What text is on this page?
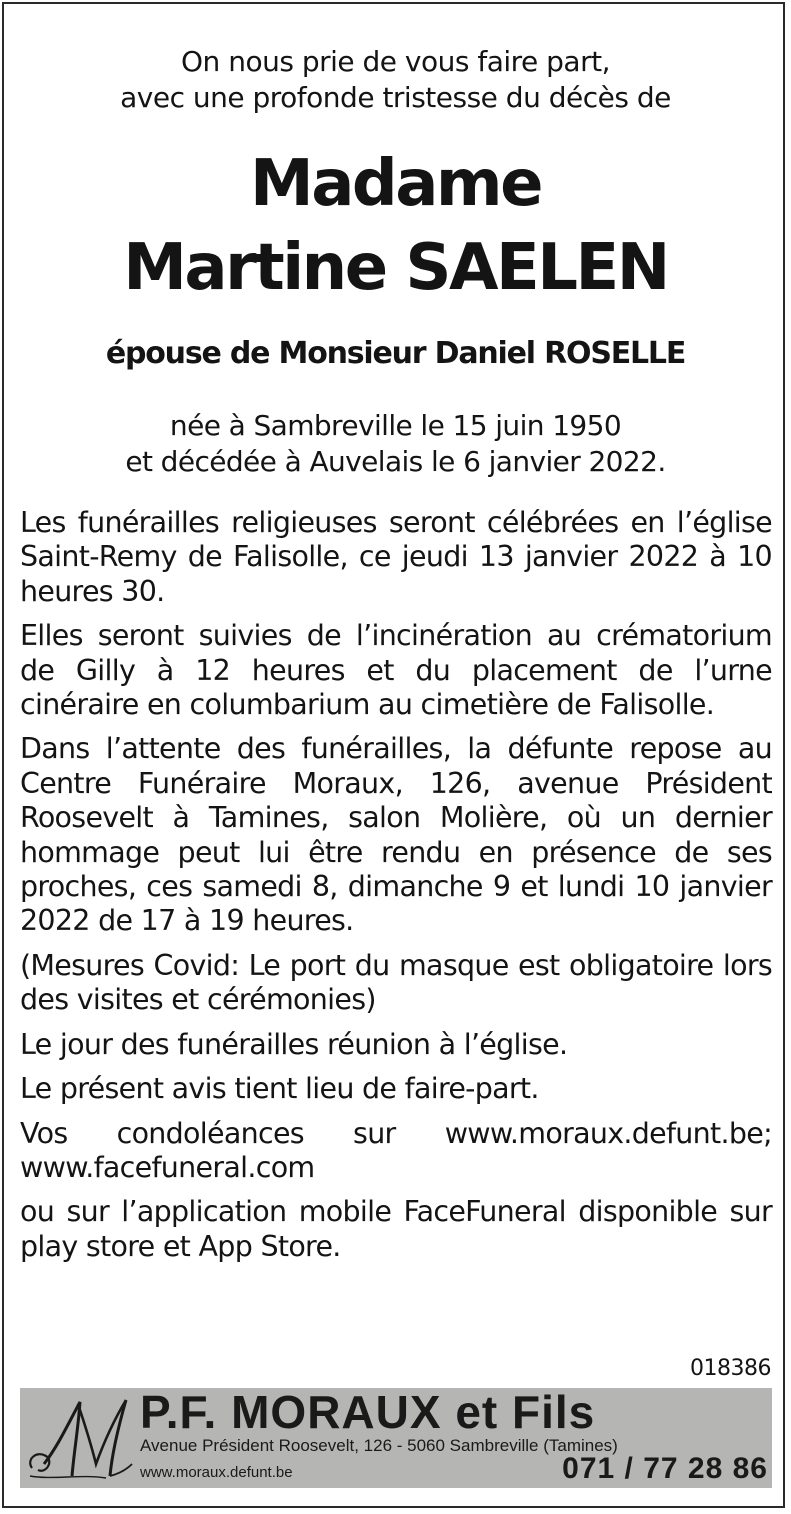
On nous prie de vous faire part,
avec une profonde tristesse du décès de
Madame
Martine SAELEN
épouse de Monsieur Daniel ROSELLE
née à Sambreville le 15 juin 1950
et décédée à Auvelais le 6 janvier 2022.

Les funérailles religieuses seront célébrées en l’église Saint-Remy de Falisolle, ce jeudi 13 janvier 2022 à 10 heures 30.

Elles seront suivies de l’incinération au crématorium de Gilly à 12 heures et du placement de l’urne cinéraire en columbarium au cimetière de Falisolle.

Dans l’attente des funérailles, la défunte repose au Centre Funéraire Moraux, 126, avenue Président Roosevelt à Tamines, salon Molière, où un dernier hommage peut lui être rendu en présence de ses proches, ces samedi 8, dimanche 9 et lundi 10 janvier 2022 de 17 à 19 heures.

(Mesures Covid: Le port du masque est obligatoire lors des visites et cérémonies)

Le jour des funérailles réunion à l’église.

Le présent avis tient lieu de faire-part.

Vos condoléances sur www.moraux.defunt.be; www.facefuneral.com

ou sur l’application mobile FaceFuneral disponible sur play store et App Store.

018386
P.F. MORAUX et Fils
Avenue Président Roosevelt, 126 - 5060 Sambreville (Tamines)
www.moraux.defunt.be	071 / 77 28 86
